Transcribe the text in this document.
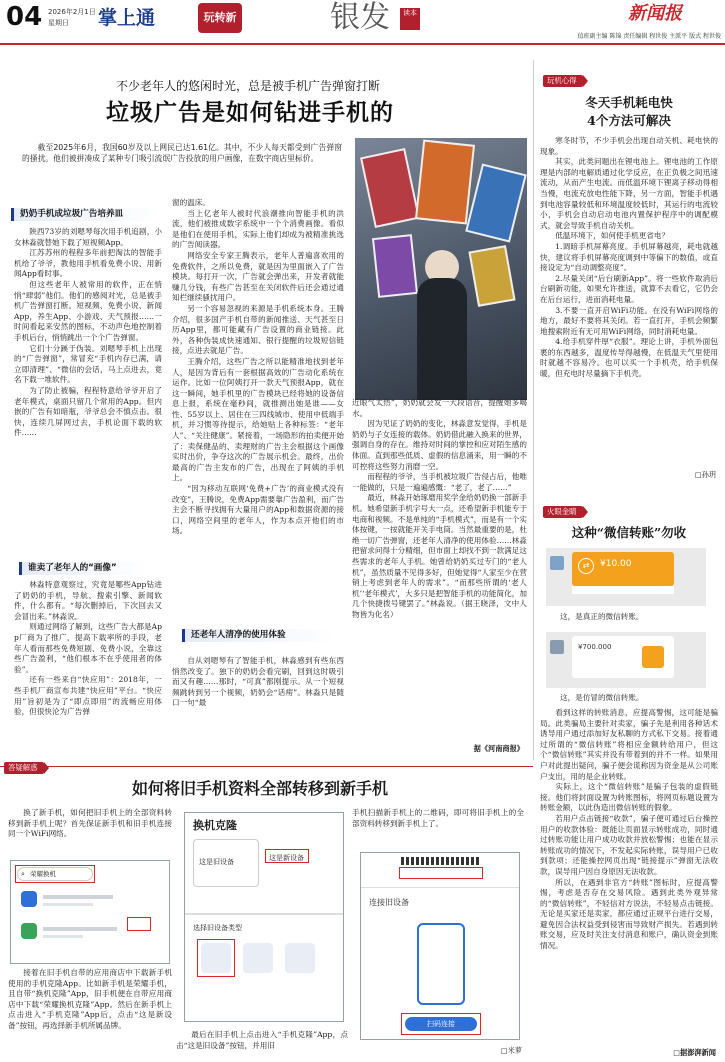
04 2026年2月1日
星期日 掌上通	玩转新	银发	读本	新闻报
值班副主编 陈锦 责任编辑 程世俊 主派平 版式 程世俊
不少老年人的悠闲时光，总是被手机广告弹窗打断
垃圾广告是如何钻进手机的
截至2025年6月，我国60岁及以上网民已达1.61亿。其中，不少人每天都受到广告弹窗的搔扰。他们被拼凑成了某种专门吸引流氓广告投放的用户画像，在数字商店里标价。
奶奶手机成垃圾广告培养皿

陕西73岁的刘嗯琴每次用手机追剧，小女林淼就替她下载了短视频App。

江苏苏州的程程多年前把淘汰的智能手机给了爷爷，教他用手机看免费小说、用新闻App看时事。

但这些老年人被常用的软件，正在悄悄“肆弱”他们。他们的感阅对光，总是被手机广告弹窗打断。短视频、免费小说、新闻App，养生App、小游戏、天气预报……一时间看起来安然的图标，不动声色地控制着手机后台，悄悄跳出一个个广告弹窗。

它们十分蹊于伪装。刘嗯琴手机上出现的“广告弹窗”，常冒充“手机内存已满，请立即清理”、“微信的会话，马上点进去，竟名下载一堆软件。

为了防止被骗，程程特意给爷爷开启了老年模式，桌面只留几个常用的App。但内嵌的广告有如暗瓶，爷爷总会不慎点击。很快，连续几屏网过去，手机论面下载的软件……

谁卖了老年人的“画像”

林淼特意观察过，究竟是哪些App钻进了奶奶的手机，导航、搜索引擎、新闻软件，什么都有。“每次删掉后，下次回去又会冒出来。”林淼说。

则通过网络了解到，这些广告大都是App厂商为了推广，提高下载率所的手段，老年人看而那些免费短剧、免费小说，全靠这些广告盈利，“他们根本不在乎使用者的体验”。

还有一些来自“快应用”：2018年，一些手机厂商宣布共建“快应用”平台。“快应用”旨初是为了“即点即用”的流畅应用体验，但很快沦为广告弹

窗的温床。

当上亿老年人被时代浪潮推向智能手机的洪流，他们被推成数字系统中一个个消费画像。看似是他们在使用手机，实际上他们却成为被精准挑选的广告阅读器。

网络安全专家王腾表示，老年人普遍喜欢用的免费软件，之所以免费，就是因为里面嵌入了广告模块。每打开一次，广告就会弹出来，开发者就能赚几分钱，有些广告甚至在关闭软件后还会通过通知栏继续骚扰用户。

另一个容易忽视的来源是手机系统本身。王腾介绍，很多国产手机自带的新闻推送、天气甚至日历App里，都可能藏有广告设置的商业链接。此外，各种伪装成快速通知、银行提醒的垃圾短信链接，点进去就是广告。

王腾介绍，这些广告之所以能精准地找到老年人，是因为背后有一套根据高效的广告动化系统在运作。比如一位阿姨打开一款天气预报App，就在这一瞬间，她手机里的广告模块已经将她的设备信息上报，系统在毫秒间，就推测出她是谁——女性、55岁以上、居住在三四线城市、使用中低端手机，并习惯等待提示，给她贴上各种标签：“老年人”、“关注健康”。紧接着，一场隐形的拍卖便开始了：卖保健品的、卖理财的广告主会根据这个画像实时出价，争夺这次的广告展示机会。最终，出价最高的广告主发布的广告，出现在了阿姨的手机上。

“因为移动互联网‘免费+广告’的商业模式没有改变”，王腾说，免费App需要靠广告盈利，而广告主会不断寻找拥有大量用户的App和数据资源的接口，网络空间里的老年人，作为本点开他们的市场。

还老年人清净的使用体验

自从刘嗯琴有了智能手机，林淼感到有些东西悄然改变了。独下的奶奶会看完刷，回到这时吸引而又有趣……那时，“可真”都刚提示。从一个短视频跳转到另一个视频，奶奶会“话痨”。林淼只是随口一句“最

近眼气太热”，奶奶就会发一大段语音，提醒她多喝水。

因为见证了奶奶的变化，林淼意发觉得，手机是奶奶与子女连接的载体。奶奶借此融入换来的世界，强调自身的存在。维持对时间的掌控和应对陌生感的体面。直到那些低质、虚假的信息涌来，用一瞬的不可控将这些努力消磨一空。

而程程的爷爷，当手机被垃圾广告侵占后，他唯一能做的，只是一遍遍感慨：“老了，老了……”

最近，林淼开始琢磨用奖学金给奶奶换一部新手机。她希望新手机字号大一点，还希望新手机能专于电商和视频。不是单纯的“手机模式”，而是有一个实体按键，一按就能开关手电筒。当然最重要的是，杜绝一切广告弹窗，还老年人清净的使用体验……林淼把留求问得十分精细，但市面上却找不到一款满足这些需求的老年人手机。她曾给奶奶买过专门的“老人机”，虽然质量不见得多好，但她觉得“人家至少在营销上考虑到老年人的需求”。“而那些所谓的‘老人机’‘老年模式’，大多只是把智能手机的功能简化，加几个快捷拨号键罢了。”林淼说。（据王晓泽，文中人物皆为化名）

据《河南商报》
玩机心得
冬天手机耗电快
4个方法可解决

寒冬时节，不少手机会出现自动关机、耗电快的现象。

其实，此类问题出在锂电池上。锂电池的工作原理是内部的电解质通过化学反应，在正负极之间迅速流动，从而产生电流。而低温环境下锂离子移动得相当慢，电流充放电性能下降，另一方面，智能手机遇到电池容量较低和环境温度较低时，其运行的电流较小，手机会自动启动电池内置保护程序中的调配模式，就会导致手机自动关机。

低温环境下，如何使手机更省电？

1.调暗手机屏幕亮度。手机屏幕越亮，耗电就越快，建议将手机屏幕亮度调到中等偏下的数值，或直接设定为“自动调整亮度”。

2.尽量关闭“后台刷新App”。将一些软件取消后台刷新功能，如果允许推送，就算不去看它，它仍会在后台运行，进而消耗电量。

3.不要一直开启WiFi功能。在没有WiFi网络的地方，最好不要将其关闭。若一直打开，手机会频繁地搜索附近有无可用WiFi网络，同时消耗电量。

4.给手机穿件厚“衣服”。理论上讲，手机外面包裹的东西越多，温度传导得越慢，在低温天气里使用时就越不容易冷。也可以买一个手机壳，给手机保暖，但充电时尽量摘下手机壳。

□孙玥
火眼金睛
这种“微信转账”勿收
⇄	¥10.00
这，是真正的微信转账。
¥700.000
这，是仿冒的微信转账。

看到这样的转账消息，应提高警惕，这可能是骗局。此类骗局主要针对卖家，骗子先是利用各种话术诱导用户通过添加好友私聊的方式私下交易。接着通过所谓的“微信转账”将相应金额转给用户，但这个“微信转账”其实并没有带着到的并不一样。如果用户对此提出疑问，骗子便会谎称因为资金是从公司账户支出，用的是企业转账。

实际上，这个“微信转账”是骗子包装的虚假链接。他们将封面设置为转账图标，将网页标题设置为转账金额，以此伪造出微信转账的假象。

若用户点击链接“收款”，骗子便可通过后台操控用户的收款体验：既能让页面显示转账成功，同时通过转账功能让用户成功收款并放松警惕；也能在显示转账成功的情况下，不发起实际转账，误导用户已收到款项；还能操控网页出现“链接提示”弹窗无法收款，误导用户因自身原因无法收款。

所以，在遇到非官方“转账”图标时，应提高警惕，考虑是否存在交易风险。遇到此类外观异常的“微信转账”，不轻信对方说法，不轻易点击链接。无论是买家还是卖家，都应通过正规平台进行交易，避免因合法权益受到侵害而导致财产损失。若遇到转账交易，应及时关注支付消息和账户，确认资金到账情况。

□据澎湃新闻
答疑解惑
如何将旧手机资料全部转移到新手机

换了新手机，如何把旧手机上的全部资料转移到新手机上呢？首先保证新手机和旧手机连接同一个WiFi网络。

⌕ 荣耀换机

接着在旧手机自带的应用商店中下载新手机使用的手机克隆App。比如新手机是荣耀手机，且自带“换机克隆”App，旧手机便在自带应用商店中下载“荣耀换机克隆”App。然后在新手机上点击进入“手机克隆”App后，点击“这是新设备”按钮，再选择新手机所属品牌。

换机克隆
这是新设备
这是旧设备
选择旧设备类型

最后在旧手机上点击进入“手机克隆”App，点击“这是旧设备”按钮，并用旧

手机扫描新手机上的二维码，即可将旧手机上的全部资料转移到新手机上了。

连接旧设备
扫码连接
□米萝
